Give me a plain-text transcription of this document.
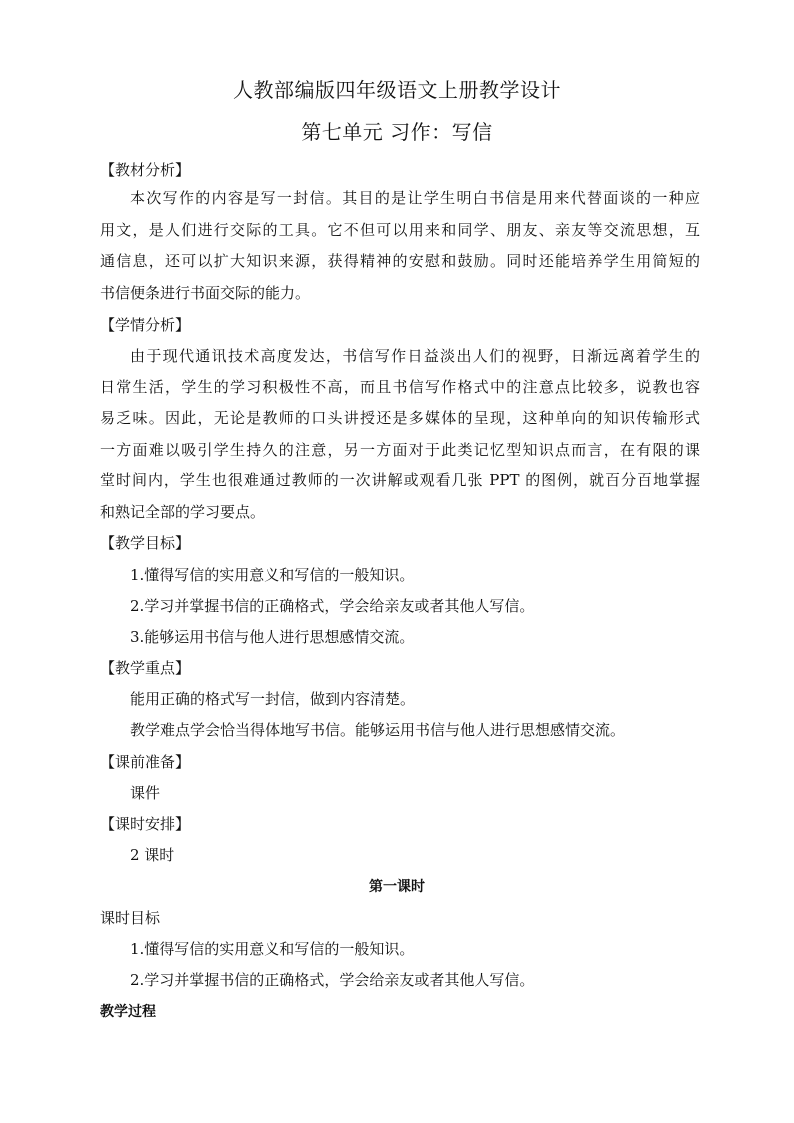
人教部编版四年级语文上册教学设计
第七单元 习作：写信
【教材分析】
本次写作的内容是写一封信。其目的是让学生明白书信是用来代替面谈的一种应
用文，是人们进行交际的工具。它不但可以用来和同学、朋友、亲友等交流思想，互
通信息，还可以扩大知识来源，获得精神的安慰和鼓励。同时还能培养学生用简短的
书信便条进行书面交际的能力。
【学情分析】
由于现代通讯技术高度发达，书信写作日益淡出人们的视野，日渐远离着学生的
日常生活，学生的学习积极性不高，而且书信写作格式中的注意点比较多，说教也容
易乏味。因此，无论是教师的口头讲授还是多媒体的呈现，这种单向的知识传输形式
一方面难以吸引学生持久的注意，另一方面对于此类记忆型知识点而言，在有限的课
堂时间内，学生也很难通过教师的一次讲解或观看几张 PPT 的图例，就百分百地掌握
和熟记全部的学习要点。
【教学目标】
1.懂得写信的实用意义和写信的一般知识。
2.学习并掌握书信的正确格式，学会给亲友或者其他人写信。
3.能够运用书信与他人进行思想感情交流。
【教学重点】
能用正确的格式写一封信，做到内容清楚。
教学难点学会恰当得体地写书信。能够运用书信与他人进行思想感情交流。
【课前准备】
课件
【课时安排】
2 课时
第一课时
课时目标
1.懂得写信的实用意义和写信的一般知识。
2.学习并掌握书信的正确格式，学会给亲友或者其他人写信。
教学过程
